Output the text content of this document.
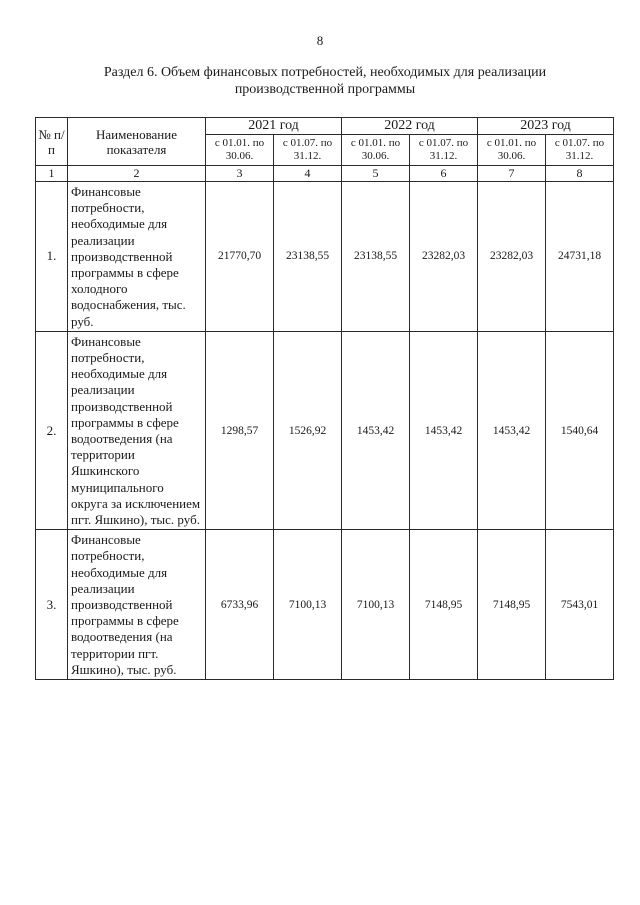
8
Раздел 6. Объем финансовых потребностей, необходимых для реализации
производственной программы
№ п/п	Наименование показателя	2021 год		2022 год		2023 год	
		с 01.01. по 30.06.	с 01.07. по 31.12.	с 01.01. по 30.06.	с 01.07. по 31.12.	с 01.01. по 30.06.	с 01.07. по 31.12.
1	2	3	4	5	6	7	8
1.	Финансовые потребности, необходимые для реализации производственной программы в сфере холодного водоснабжения, тыс. руб.	21770,70	23138,55	23138,55	23282,03	23282,03	24731,18
2.	Финансовые потребности, необходимые для реализации производственной программы в сфере водоотведения (на территории Яшкинского муниципального округа за исключением пгт. Яшкино), тыс. руб.	1298,57	1526,92	1453,42	1453,42	1453,42	1540,64
3.	Финансовые потребности, необходимые для реализации производственной программы в сфере водоотведения (на территории пгт. Яшкино), тыс. руб.	6733,96	7100,13	7100,13	7148,95	7148,95	7543,01
